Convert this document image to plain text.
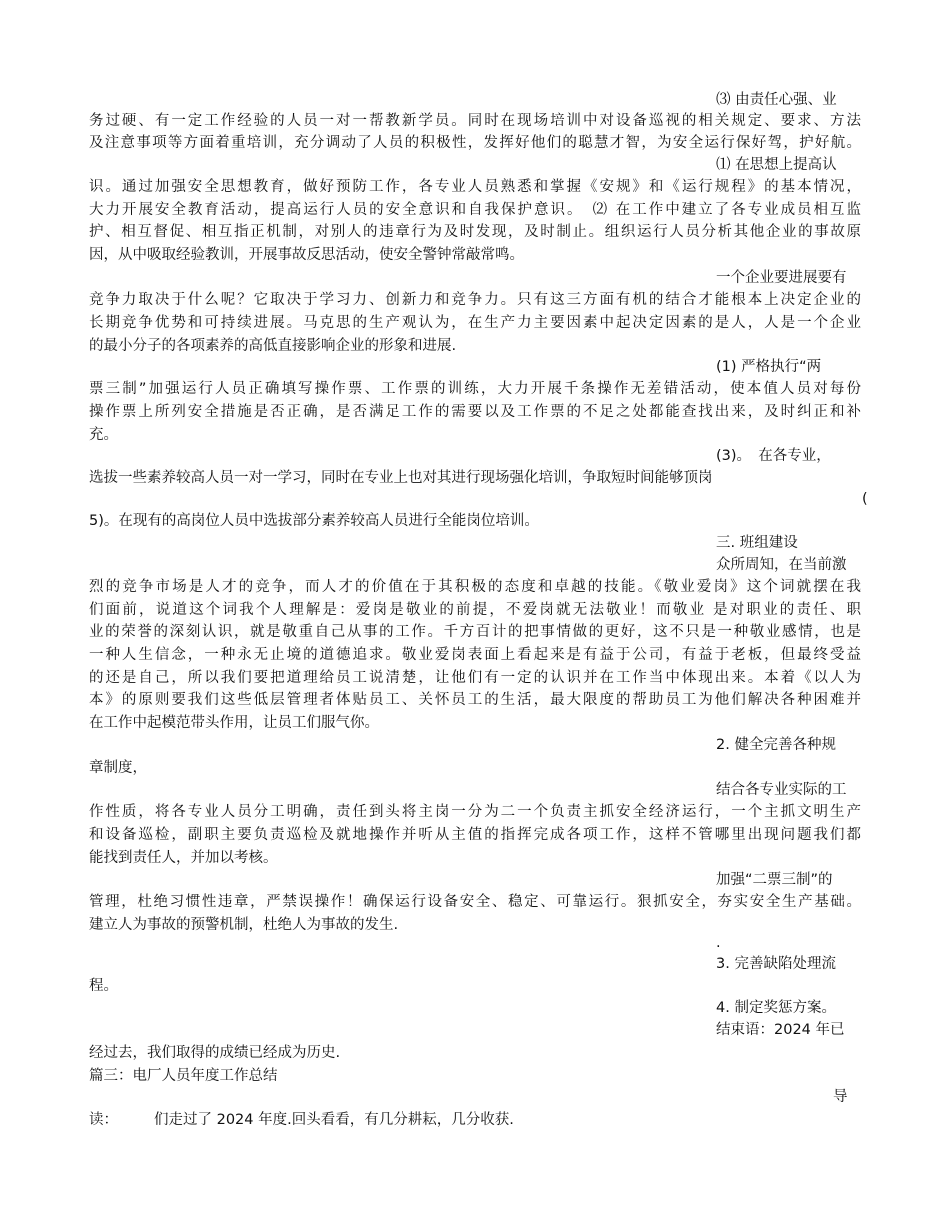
⑶ 由责任心强、业
务过硬、有一定工作经验的人员一对一帮教新学员。同时在现场培训中对设备巡视的相关规定、要求、方法
及注意事项等方面着重培训，充分调动了人员的积极性，发挥好他们的聪慧才智，为安全运行保好驾，护好航。
⑴ 在思想上提高认
识。通过加强安全思想教育，做好预防工作，各专业人员熟悉和掌握《安规》和《运行规程》的基本情况，
大力开展安全教育活动，提高运行人员的安全意识和自我保护意识。　⑵ 在工作中建立了各专业成员相互监
护、相互督促、相互指正机制，对别人的违章行为及时发现，及时制止。组织运行人员分析其他企业的事故原
因，从中吸取经验教训，开展事故反思活动，使安全警钟常敲常鸣。
一个企业要进展要有
竞争力取决于什么呢？它取决于学习力、创新力和竞争力。只有这三方面有机的结合才能根本上决定企业的
长期竞争优势和可持续进展。马克思的生产观认为，在生产力主要因素中起决定因素的是人，人是一个企业
的最小分子的各项素养的高低直接影响企业的形象和进展.
(1) 严格执行“两
票三制”加强运行人员正确填写操作票、工作票的训练，大力开展千条操作无差错活动，使本值人员对每份
操作票上所列安全措施是否正确，是否满足工作的需要以及工作票的不足之处都能查找出来，及时纠正和补
充。
(3)。　在各专业，
选拔一些素养较高人员一对一学习，同时在专业上也对其进行现场强化培训，争取短时间能够顶岗
(
5)。在现有的高岗位人员中选拔部分素养较高人员进行全能岗位培训。
三. 班组建设
众所周知，在当前激
烈的竞争市场是人才的竞争，而人才的价值在于其积极的态度和卓越的技能。《敬业爱岗》这个词就摆在我
们面前，说道这个词我个人理解是：爱岗是敬业的前提，不爱岗就无法敬业！而敬业 是对职业的责任、职
业的荣誉的深刻认识，就是敬重自己从事的工作。千方百计的把事情做的更好，这不只是一种敬业感情，也是
一种人生信念，一种永无止境的道德追求。敬业爱岗表面上看起来是有益于公司，有益于老板，但最终受益
的还是自己，所以我们要把道理给员工说清楚，让他们有一定的认识并在工作当中体现出来。本着《以人为
本》的原则要我们这些低层管理者体贴员工、关怀员工的生活，最大限度的帮助员工为他们解决各种困难并
在工作中起模范带头作用，让员工们服气你。
2. 健全完善各种规
章制度，
结合各专业实际的工
作性质，将各专业人员分工明确，责任到头将主岗一分为二一个负责主抓安全经济运行，一个主抓文明生产
和设备巡检，副职主要负责巡检及就地操作并听从主值的指挥完成各项工作，这样不管哪里出现问题我们都
能找到责任人，并加以考核。
加强“二票三制”的
管理，杜绝习惯性违章，严禁误操作！确保运行设备安全、稳定、可靠运行。狠抓安全，夯实安全生产基础。
建立人为事故的预警机制，杜绝人为事故的发生.
.
3. 完善缺陷处理流
程。
4. 制定奖惩方案。
结束语：2024 年已
经过去，我们取得的成绩已经成为历史.
篇三：电厂人员年度工作总结
导
读： 们走过了 2024 年度.回头看看，有几分耕耘，几分收获.
